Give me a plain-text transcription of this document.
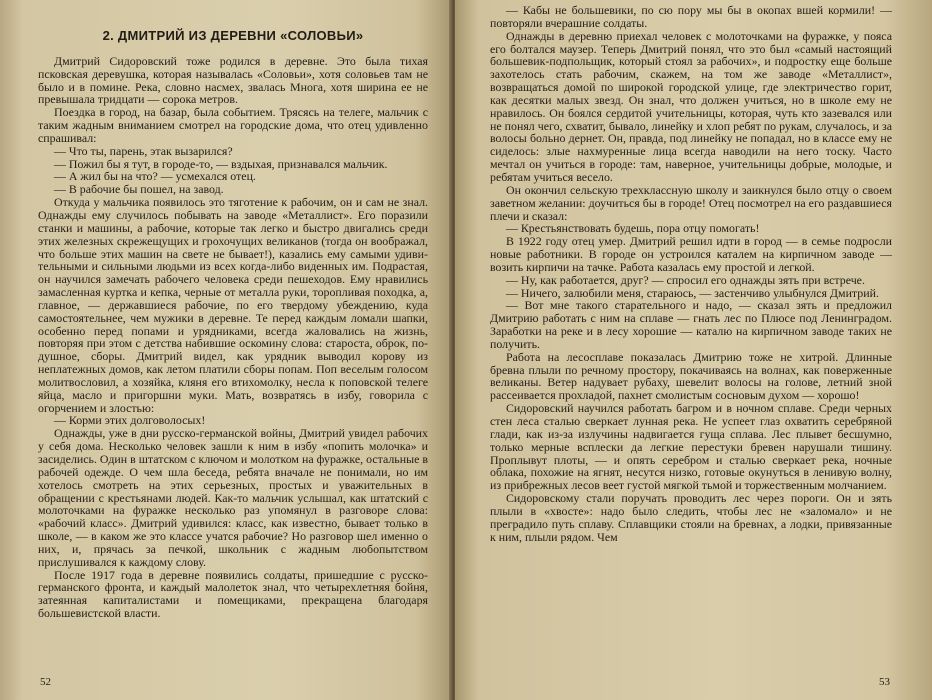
2. ДМИТРИЙ ИЗ ДЕРЕВНИ «СОЛОВЬИ»

Дмитрий Сидоровский тоже родился в деревне. Это была тихая псковская деревушка, которая называлась «Соловьи», хотя соловьев там не было и в помине. Река, словно насмех, звалась Многа, хотя ширина ее не превышала тридцати — сорока метров.

Поездка в город, на базар, была событием. Трясясь на телеге, мальчик с таким жадным вниманием смотрел на городские дома, что отец удивленно спрашивал:

— Что ты, парень, этак вызарился?

— Пожил бы я тут, в городе-то, — вздыхая, признавался мальчик.

— А жил бы на что? — усмехался отец.

— В рабочие бы пошел, на завод.

Откуда у мальчика появилось это тяготение к рабочим, он и сам не знал. Однажды ему случилось побывать на заводе «Металлист». Его поразили станки и машины, а рабочие, которые так легко и быстро двигались среди этих железных скрежещущих и грохочущих великанов (тогда он воображал, что больше этих машин на свете не бывает!), казались ему самыми удивительными и сильными людьми из всех когда-либо виденных им. Подрастая, он научился замечать рабочего человека среди пешеходов. Ему нравились замасленная куртка и кепка, черные от металла руки, торопливая походка, а, главное, — державшиеся рабочие, по его твердому убеждению, куда самостоятельнее, чем мужики в деревне. Те перед каждым ломали шапки, особенно перед попами и урядниками, всегда жаловались на жизнь, повторяя при этом с детства набившие оскомину слова: староста, оброк, подушное, сборы. Дмитрий видел, как урядник выводил корову из неплатежных домов, как летом платили сборы попам. Поп веселым голосом молитвословил, а хозяйка, кляня его втихомолку, несла к поповской телеге яйца, масло и пригоршни муки. Мать, возвратясь в избу, говорила с огорчением и злостью:

— Корми этих долговолосых!

Однажды, уже в дни русско-германской войны, Дмитрий увидел рабочих у себя дома. Несколько человек зашли к ним в избу «попить молочка» и засиделись. Один в штатском с ключом и молотком на фуражке, остальные в рабочей одежде. О чем шла беседа, ребята вначале не понимали, но им хотелось смотреть на этих серьезных, простых и уважительных в обращении с крестьянами людей. Как-то мальчик услышал, как штатский с молоточками на фуражке несколько раз упомянул в разговоре слова: «рабочий класс». Дмитрий удивился: класс, как известно, бывает только в школе, — в каком же это классе учатся рабочие? Но разговор шел именно о них, и, прячась за печкой, школьник с жадным любопытством прислушивался к каждому слову.

После 1917 года в деревне появились солдаты, пришедшие с русско-германского фронта, и каждый малолеток знал, что четырехлетняя бойня, затеянная капиталистами и помещиками, прекращена благодаря большевистской власти.

52

— Кабы не большевики, по сю пору мы бы в окопах вшей кормили! — повторяли вчерашние солдаты.

Однажды в деревню приехал человек с молоточками на фуражке, у пояса его болтался маузер. Теперь Дмитрий понял, что это был «самый настоящий большевик-подпольщик, который стоял за рабочих», и подростку еще больше захотелось стать рабочим, скажем, на том же заводе «Металлист», возвращаться домой по широкой городской улице, где электричество горит, как десятки малых звезд. Он знал, что должен учиться, но в школе ему не нравилось. Он боялся сердитой учительницы, которая, чуть кто зазевался или не понял чего, схватит, бывало, линейку и хлоп ребят по рукам, случалось, и за волосы больно дернет. Он, правда, под линейку не попадал, но в классе ему не сиделось: злые нахмуренные лица всегда наводили на него тоску. Часто мечтал он учиться в городе: там, наверное, учительницы добрые, молодые, и ребятам учиться весело.

Он окончил сельскую трехклассную школу и заикнулся было отцу о своем заветном желании: доучиться бы в городе! Отец посмотрел на его раздавшиеся плечи и сказал:

— Крестьянствовать будешь, пора отцу помогать!

В 1922 году отец умер. Дмитрий решил идти в город — в семье подросли новые работники. В городе он устроился каталем на кирпичном заводе — возить кирпичи на тачке. Работа казалась ему простой и легкой.

— Ну, как работается, друг? — спросил его однажды зять при встрече.

— Ничего, залюбили меня, стараюсь, — застенчиво улыбнулся Дмитрий.

— Вот мне такого старательного и надо, — сказал зять и предложил Дмитрию работать с ним на сплаве — гнать лес по Плюсе под Ленинградом. Заработки на реке и в лесу хорошие — каталю на кирпичном заводе таких не получить.

Работа на лесосплаве показалась Дмитрию тоже не хитрой. Длинные бревна плыли по речному простору, покачиваясь на волнах, как поверженные великаны. Ветер надувает рубаху, шевелит волосы на голове, летний зной рассеивается прохладой, пахнет смолистым сосновым духом — хорошо!

Сидоровский научился работать багром и в ночном сплаве. Среди черных стен леса сталью сверкает лунная река. Не успеет глаз охватить серебряной глади, как из-за излучины надвигается гуща сплава. Лес плывет бесшумно, только мерные всплески да легкие перестуки бревен нарушали тишину. Проплывут плоты, — и опять серебром и сталью сверкает река, ночные облака, похожие на ягнят, несутся низко, готовые окунуться в ленивую волну, из прибрежных лесов веет густой мягкой тьмой и торжественным молчанием.

Сидоровскому стали поручать проводить лес через пороги. Он и зять плыли в «хвосте»: надо было следить, чтобы лес не «заломало» и не преградило путь сплаву. Сплавщики стояли на бревнах, а лодки, привязанные к ним, плыли рядом. Чем

53
